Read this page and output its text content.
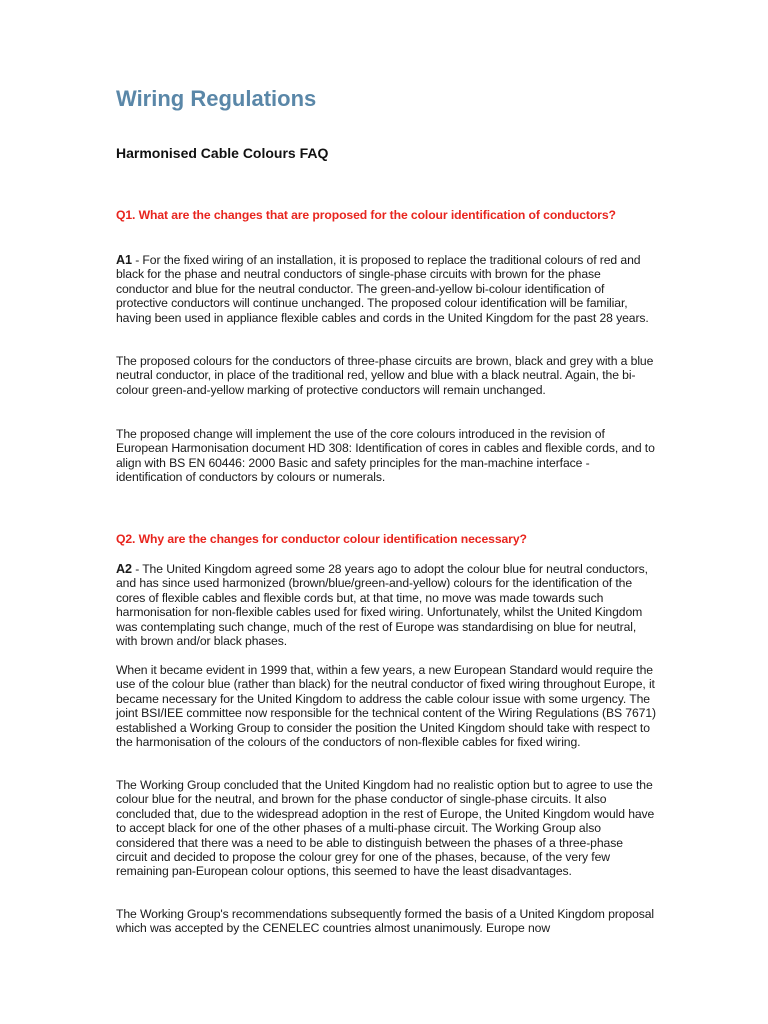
Wiring Regulations
Harmonised Cable Colours FAQ

Q1. What are the changes that are proposed for the colour identification of conductors?

A1 - For the fixed wiring of an installation, it is proposed to replace the traditional colours of red and black for the phase and neutral conductors of single-phase circuits with brown for the phase conductor and blue for the neutral conductor. The green-and-yellow bi-colour identification of protective conductors will continue unchanged. The proposed colour identification will be familiar, having been used in appliance flexible cables and cords in the United Kingdom for the past 28 years.

The proposed colours for the conductors of three-phase circuits are brown, black and grey with a blue neutral conductor, in place of the traditional red, yellow and blue with a black neutral. Again, the bi-colour green-and-yellow marking of protective conductors will remain unchanged.

The proposed change will implement the use of the core colours introduced in the revision of European Harmonisation document HD 308: Identification of cores in cables and flexible cords, and to align with BS EN 60446: 2000 Basic and safety principles for the man-machine interface - identification of conductors by colours or numerals.

Q2. Why are the changes for conductor colour identification necessary?

A2 - The United Kingdom agreed some 28 years ago to adopt the colour blue for neutral conductors, and has since used harmonized (brown/blue/green-and-yellow) colours for the identification of the cores of flexible cables and flexible cords but, at that time, no move was made towards such harmonisation for non-flexible cables used for fixed wiring. Unfortunately, whilst the United Kingdom was contemplating such change, much of the rest of Europe was standardising on blue for neutral, with brown and/or black phases.

When it became evident in 1999 that, within a few years, a new European Standard would require the use of the colour blue (rather than black) for the neutral conductor of fixed wiring throughout Europe, it became necessary for the United Kingdom to address the cable colour issue with some urgency. The joint BSI/IEE committee now responsible for the technical content of the Wiring Regulations (BS 7671) established a Working Group to consider the position the United Kingdom should take with respect to the harmonisation of the colours of the conductors of non-flexible cables for fixed wiring.

The Working Group concluded that the United Kingdom had no realistic option but to agree to use the colour blue for the neutral, and brown for the phase conductor of single-phase circuits. It also concluded that, due to the widespread adoption in the rest of Europe, the United Kingdom would have to accept black for one of the other phases of a multi-phase circuit. The Working Group also considered that there was a need to be able to distinguish between the phases of a three-phase circuit and decided to propose the colour grey for one of the phases, because, of the very few remaining pan-European colour options, this seemed to have the least disadvantages.

The Working Group's recommendations subsequently formed the basis of a United Kingdom proposal which was accepted by the CENELEC countries almost unanimously. Europe now
